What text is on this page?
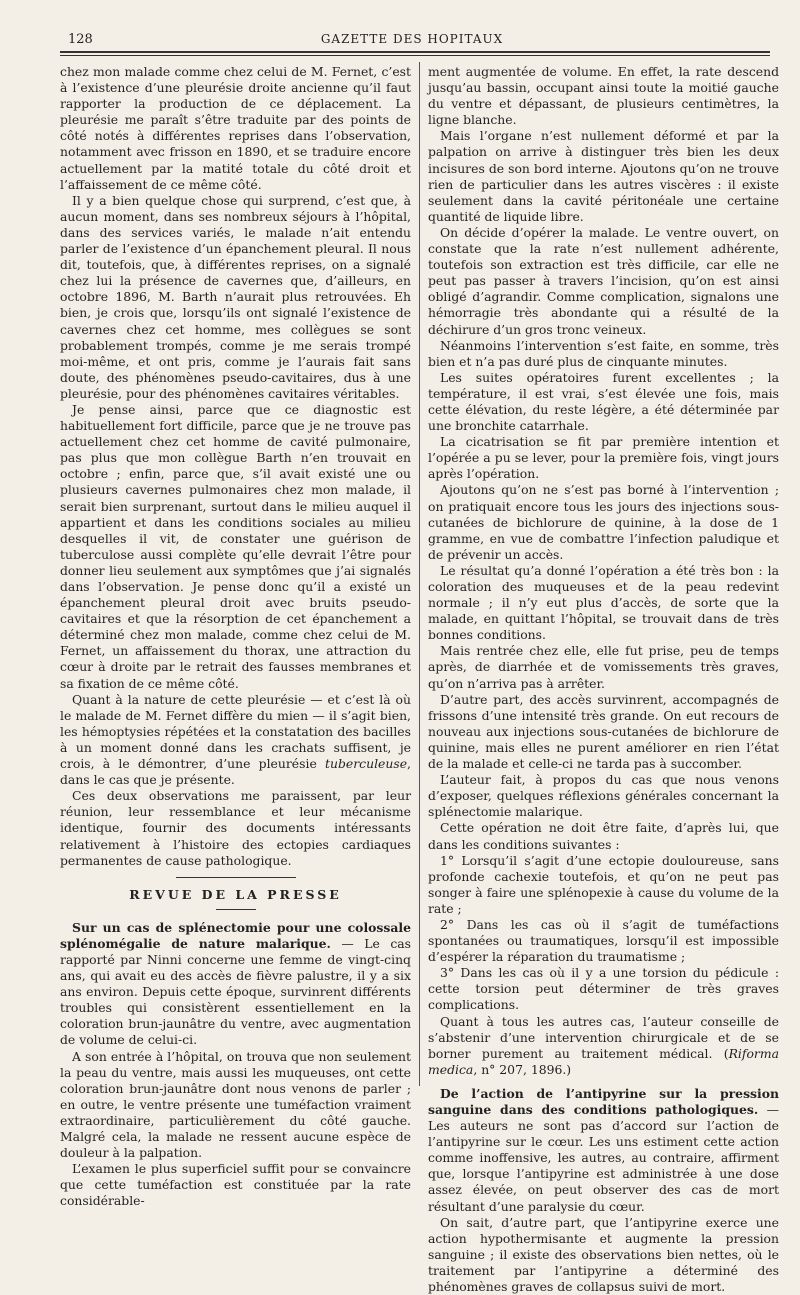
128	GAZETTE DES HOPITAUX

chez mon malade comme chez celui de M. Fernet, c’est à l’existence d’une pleurésie droite ancienne qu’il faut rapporter la production de ce déplacement. La pleurésie me paraît s’être traduite par des points de côté notés à différentes reprises dans l’observation, notamment avec frisson en 1890, et se traduire encore actuellement par la matité totale du côté droit et l’affaissement de ce même côté.

Il y a bien quelque chose qui surprend, c’est que, à aucun moment, dans ses nombreux séjours à l’hôpital, dans des services variés, le malade n’ait entendu parler de l’existence d’un épanchement pleural. Il nous dit, toutefois, que, à différentes reprises, on a signalé chez lui la présence de cavernes que, d’ailleurs, en octobre 1896, M. Barth n’aurait plus retrouvées. Eh bien, je crois que, lorsqu’ils ont signalé l’existence de cavernes chez cet homme, mes collègues se sont probablement trompés, comme je me serais trompé moi-même, et ont pris, comme je l’aurais fait sans doute, des phénomènes pseudo-cavitaires, dus à une pleurésie, pour des phénomènes cavitaires véritables.

Je pense ainsi, parce que ce diagnostic est habituellement fort difficile, parce que je ne trouve pas actuellement chez cet homme de cavité pulmonaire, pas plus que mon collègue Barth n’en trouvait en octobre ; enfin, parce que, s’il avait existé une ou plusieurs cavernes pulmonaires chez mon malade, il serait bien surprenant, surtout dans le milieu auquel il appartient et dans les conditions sociales au milieu desquelles il vit, de constater une guérison de tuberculose aussi complète qu’elle devrait l’être pour donner lieu seulement aux symptômes que j’ai signalés dans l’observation. Je pense donc qu’il a existé un épanchement pleural droit avec bruits pseudo-cavitaires et que la résorption de cet épanchement a déterminé chez mon malade, comme chez celui de M. Fernet, un affaissement du thorax, une attraction du cœur à droite par le retrait des fausses membranes et sa fixation de ce même côté.

Quant à la nature de cette pleurésie — et c’est là où le malade de M. Fernet diffère du mien — il s’agit bien, les hémoptysies répétées et la constatation des bacilles à un moment donné dans les crachats suffisent, je crois, à le démontrer, d’une pleurésie tuberculeuse, dans le cas que je présente.

Ces deux observations me paraissent, par leur réunion, leur ressemblance et leur mécanisme identique, fournir des documents intéressants relativement à l’histoire des ectopies cardiaques permanentes de cause pathologique.

REVUE DE LA PRESSE

Sur un cas de splénectomie pour une colossale splénomégalie de nature malarique. — Le cas rapporté par Ninni concerne une femme de vingt-cinq ans, qui avait eu des accès de fièvre palustre, il y a six ans environ. Depuis cette époque, survinrent différents troubles qui consistèrent essentiellement en la coloration brun-jaunâtre du ventre, avec augmentation de volume de celui-ci.

A son entrée à l’hôpital, on trouva que non seulement la peau du ventre, mais aussi les muqueuses, ont cette coloration brun-jaunâtre dont nous venons de parler ; en outre, le ventre présente une tuméfaction vraiment extraordinaire, particulièrement du côté gauche. Malgré cela, la malade ne ressent aucune espèce de douleur à la palpation.

L’examen le plus superficiel suffit pour se convaincre que cette tuméfaction est constituée par la rate considérable-

ment augmentée de volume. En effet, la rate descend jusqu’au bassin, occupant ainsi toute la moitié gauche du ventre et dépassant, de plusieurs centimètres, la ligne blanche.

Mais l’organe n’est nullement déformé et par la palpation on arrive à distinguer très bien les deux incisures de son bord interne. Ajoutons qu’on ne trouve rien de particulier dans les autres viscères : il existe seulement dans la cavité péritonéale une certaine quantité de liquide libre.

On décide d’opérer la malade. Le ventre ouvert, on constate que la rate n’est nullement adhérente, toutefois son extraction est très difficile, car elle ne peut pas passer à travers l’incision, qu’on est ainsi obligé d’agrandir. Comme complication, signalons une hémorragie très abondante qui a résulté de la déchirure d’un gros tronc veineux.

Néanmoins l’intervention s’est faite, en somme, très bien et n’a pas duré plus de cinquante minutes.

Les suites opératoires furent excellentes ; la température, il est vrai, s’est élevée une fois, mais cette élévation, du reste légère, a été déterminée par une bronchite catarrhale.

La cicatrisation se fit par première intention et l’opérée a pu se lever, pour la première fois, vingt jours après l’opération.

Ajoutons qu’on ne s’est pas borné à l’intervention ; on pratiquait encore tous les jours des injections sous-cutanées de bichlorure de quinine, à la dose de 1 gramme, en vue de combattre l’infection paludique et de prévenir un accès.

Le résultat qu’a donné l’opération a été très bon : la coloration des muqueuses et de la peau redevint normale ; il n’y eut plus d’accès, de sorte que la malade, en quittant l’hôpital, se trouvait dans de très bonnes conditions.

Mais rentrée chez elle, elle fut prise, peu de temps après, de diarrhée et de vomissements très graves, qu’on n’arriva pas à arrêter.

D’autre part, des accès survinrent, accompagnés de frissons d’une intensité très grande. On eut recours de nouveau aux injections sous-cutanées de bichlorure de quinine, mais elles ne purent améliorer en rien l’état de la malade et celle-ci ne tarda pas à succomber.

L’auteur fait, à propos du cas que nous venons d’exposer, quelques réflexions générales concernant la splénectomie malarique.

Cette opération ne doit être faite, d’après lui, que dans les conditions suivantes :

1° Lorsqu’il s’agit d’une ectopie douloureuse, sans profonde cachexie toutefois, et qu’on ne peut pas songer à faire une splénopexie à cause du volume de la rate ;

2° Dans les cas où il s’agit de tuméfactions spontanées ou traumatiques, lorsqu’il est impossible d’espérer la réparation du traumatisme ;

3° Dans les cas où il y a une torsion du pédicule : cette torsion peut déterminer de très graves complications.

Quant à tous les autres cas, l’auteur conseille de s’abstenir d’une intervention chirurgicale et de se borner purement au traitement médical. (Riforma medica, n° 207, 1896.)

De l’action de l’antipyrine sur la pression sanguine dans des conditions pathologiques. — Les auteurs ne sont pas d’accord sur l’action de l’antipyrine sur le cœur. Les uns estiment cette action comme inoffensive, les autres, au contraire, affirment que, lorsque l’antipyrine est administrée à une dose assez élevée, on peut observer des cas de mort résultant d’une paralysie du cœur.

On sait, d’autre part, que l’antipyrine exerce une action hypothermisante et augmente la pression sanguine ; il existe des observations bien nettes, où le traitement par l’antipyrine a déterminé des phénomènes graves de collapsus suivi de mort.
